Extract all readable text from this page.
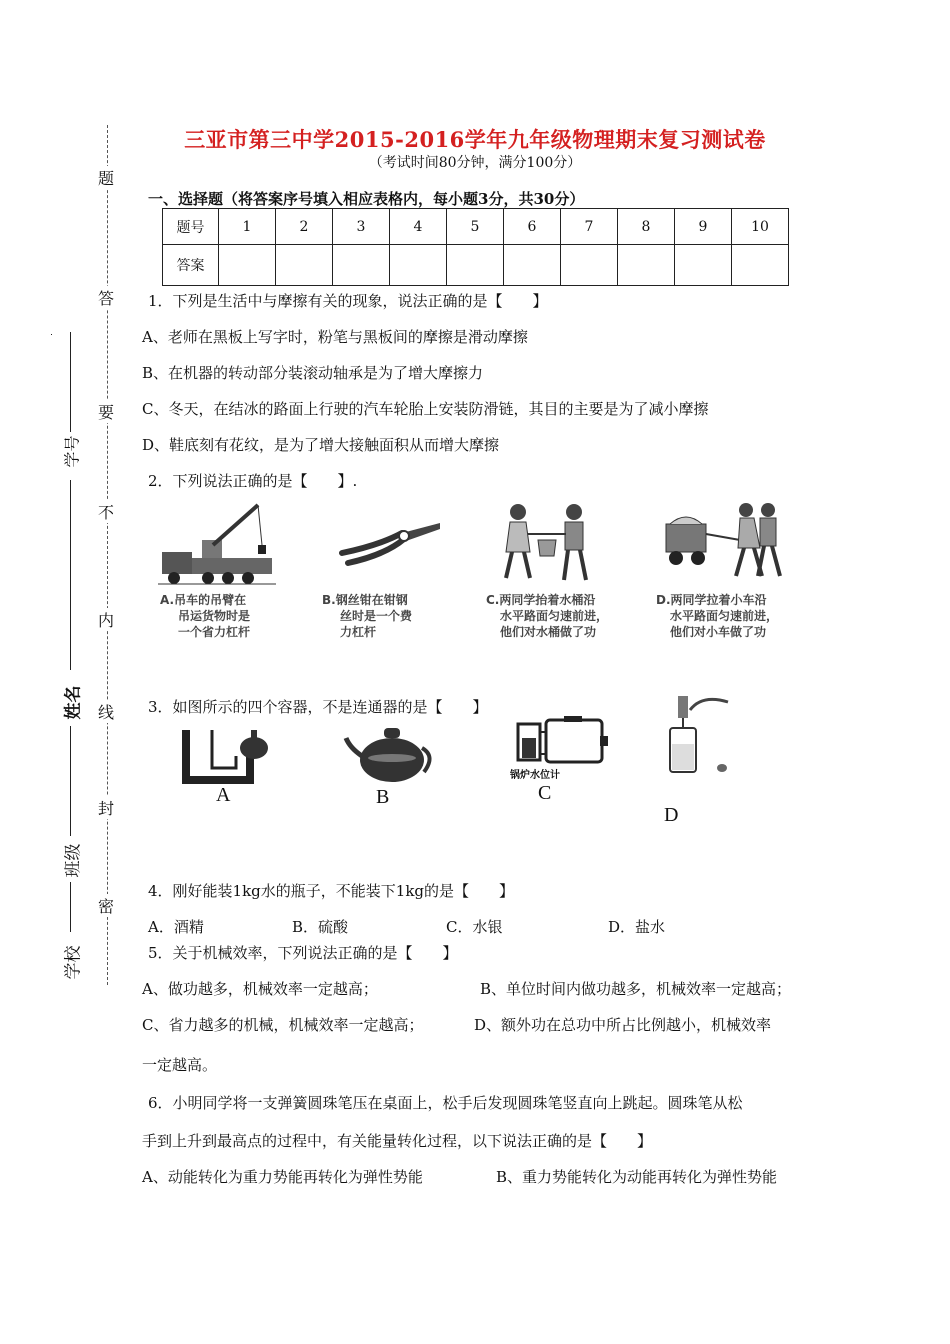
题
答
要
不
内
线
封
密
学号
姓名
班级
学校
三亚市第三中学2015-2016学年九年级物理期末复习测试卷
（考试时间80分钟，满分100分）
一、选择题（将答案序号填入相应表格内，每小题3分，共30分）
题号	1	2	3	4	5	6	7	8	9	10
答案										
1．下列是生活中与摩擦有关的现象，说法正确的是【　　】
A、老师在黑板上写字时，粉笔与黑板间的摩擦是滑动摩擦
B、在机器的转动部分装滚动轴承是为了增大摩擦力
C、冬天，在结冰的路面上行驶的汽车轮胎上安装防滑链，其目的主要是为了减小摩擦
D、鞋底刻有花纹，是为了增大接触面积从而增大摩擦
2．下列说法正确的是【　　】.
A.吊车的吊臂在
吊运货物时是
一个省力杠杆
B.钢丝钳在钳钢
丝时是一个费
力杠杆
C.两同学抬着水桶沿
水平路面匀速前进，
他们对水桶做了功
D.两同学拉着小车沿
水平路面匀速前进，
他们对小车做了功
3．如图所示的四个容器，不是连通器的是【　　】
A	B
锅炉水位计
C
D
4．刚好能装1kg水的瓶子，不能装下1kg的是【　　】
A．酒精	B．硫酸	C．水银	D．盐水
5．关于机械效率，下列说法正确的是【　　】
A、做功越多，机械效率一定越高；	B、单位时间内做功越多，机械效率一定越高；
C、省力越多的机械，机械效率一定越高；	D、额外功在总功中所占比例越小，机械效率
一定越高。
6．小明同学将一支弹簧圆珠笔压在桌面上，松手后发现圆珠笔竖直向上跳起。圆珠笔从松
手到上升到最高点的过程中，有关能量转化过程，以下说法正确的是【　　】
A、动能转化为重力势能再转化为弹性势能	B、重力势能转化为动能再转化为弹性势能
